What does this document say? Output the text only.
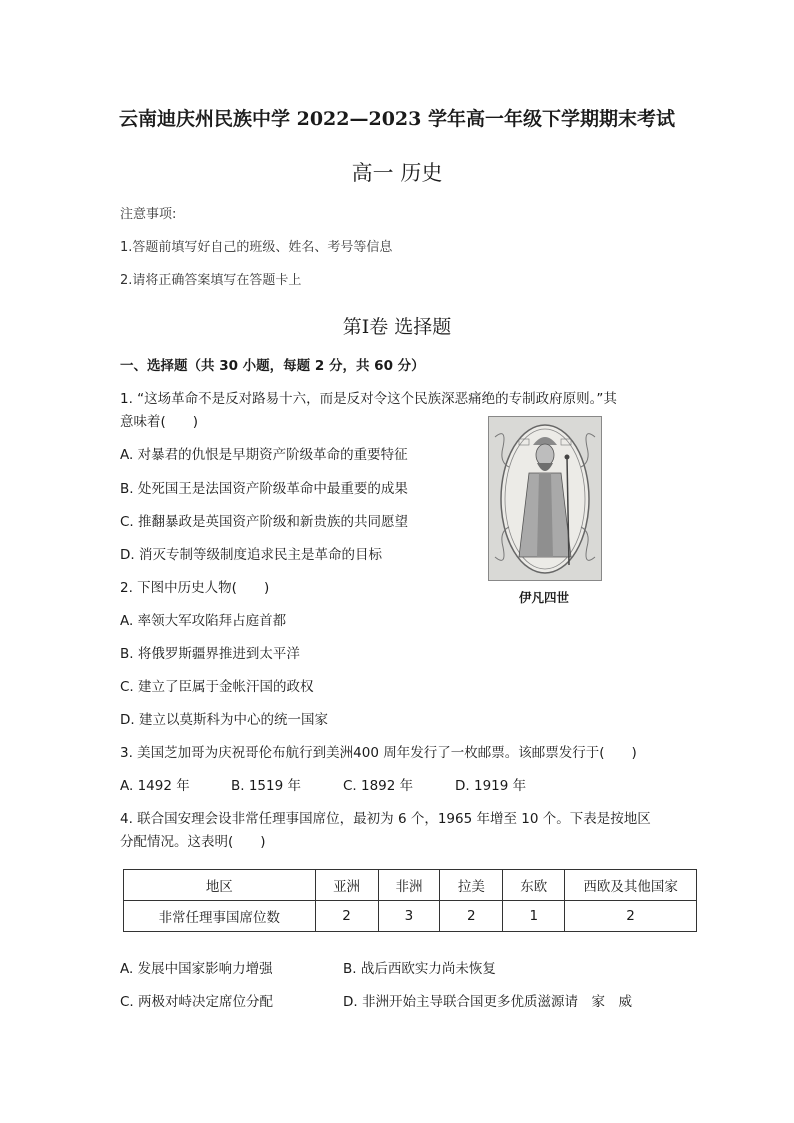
云南迪庆州民族中学 2022—2023 学年高一年级下学期期末考试
高一 历史
注意事项:
1.答题前填写好自己的班级、姓名、考号等信息
2.请将正确答案填写在答题卡上
第Ⅰ卷 选择题
一、选择题（共 30 小题，每题 2 分，共 60 分）
1. “这场革命不是反对路易十六，而是反对令这个民族深恶痛绝的专制政府原则。”其
意味着(　　)
A. 对暴君的仇恨是早期资产阶级革命的重要特征
B. 处死国王是法国资产阶级革命中最重要的成果
C. 推翻暴政是英国资产阶级和新贵族的共同愿望
D. 消灭专制等级制度追求民主是革命的目标
伊凡四世
2. 下图中历史人物(　　)
A. 率领大军攻陷拜占庭首都
B. 将俄罗斯疆界推进到太平洋
C. 建立了臣属于金帐汗国的政权
D. 建立以莫斯科为中心的统一国家
3. 美国芝加哥为庆祝哥伦布航行到美洲400 周年发行了一枚邮票。该邮票发行于(　　)
A. 1492 年	B. 1519 年	C. 1892 年	D. 1919 年
4. 联合国安理会设非常任理事国席位，最初为 6 个，1965 年增至 10 个。下表是按地区
分配情况。这表明(　　)
地区	亚洲	非洲	拉美	东欧	西欧及其他国家
非常任理事国席位数	2	3	2	1	2
A. 发展中国家影响力增强	B. 战后西欧实力尚未恢复
C. 两极对峙决定席位分配	D. 非洲开始主导联合国更多优质滋源请　家　威
